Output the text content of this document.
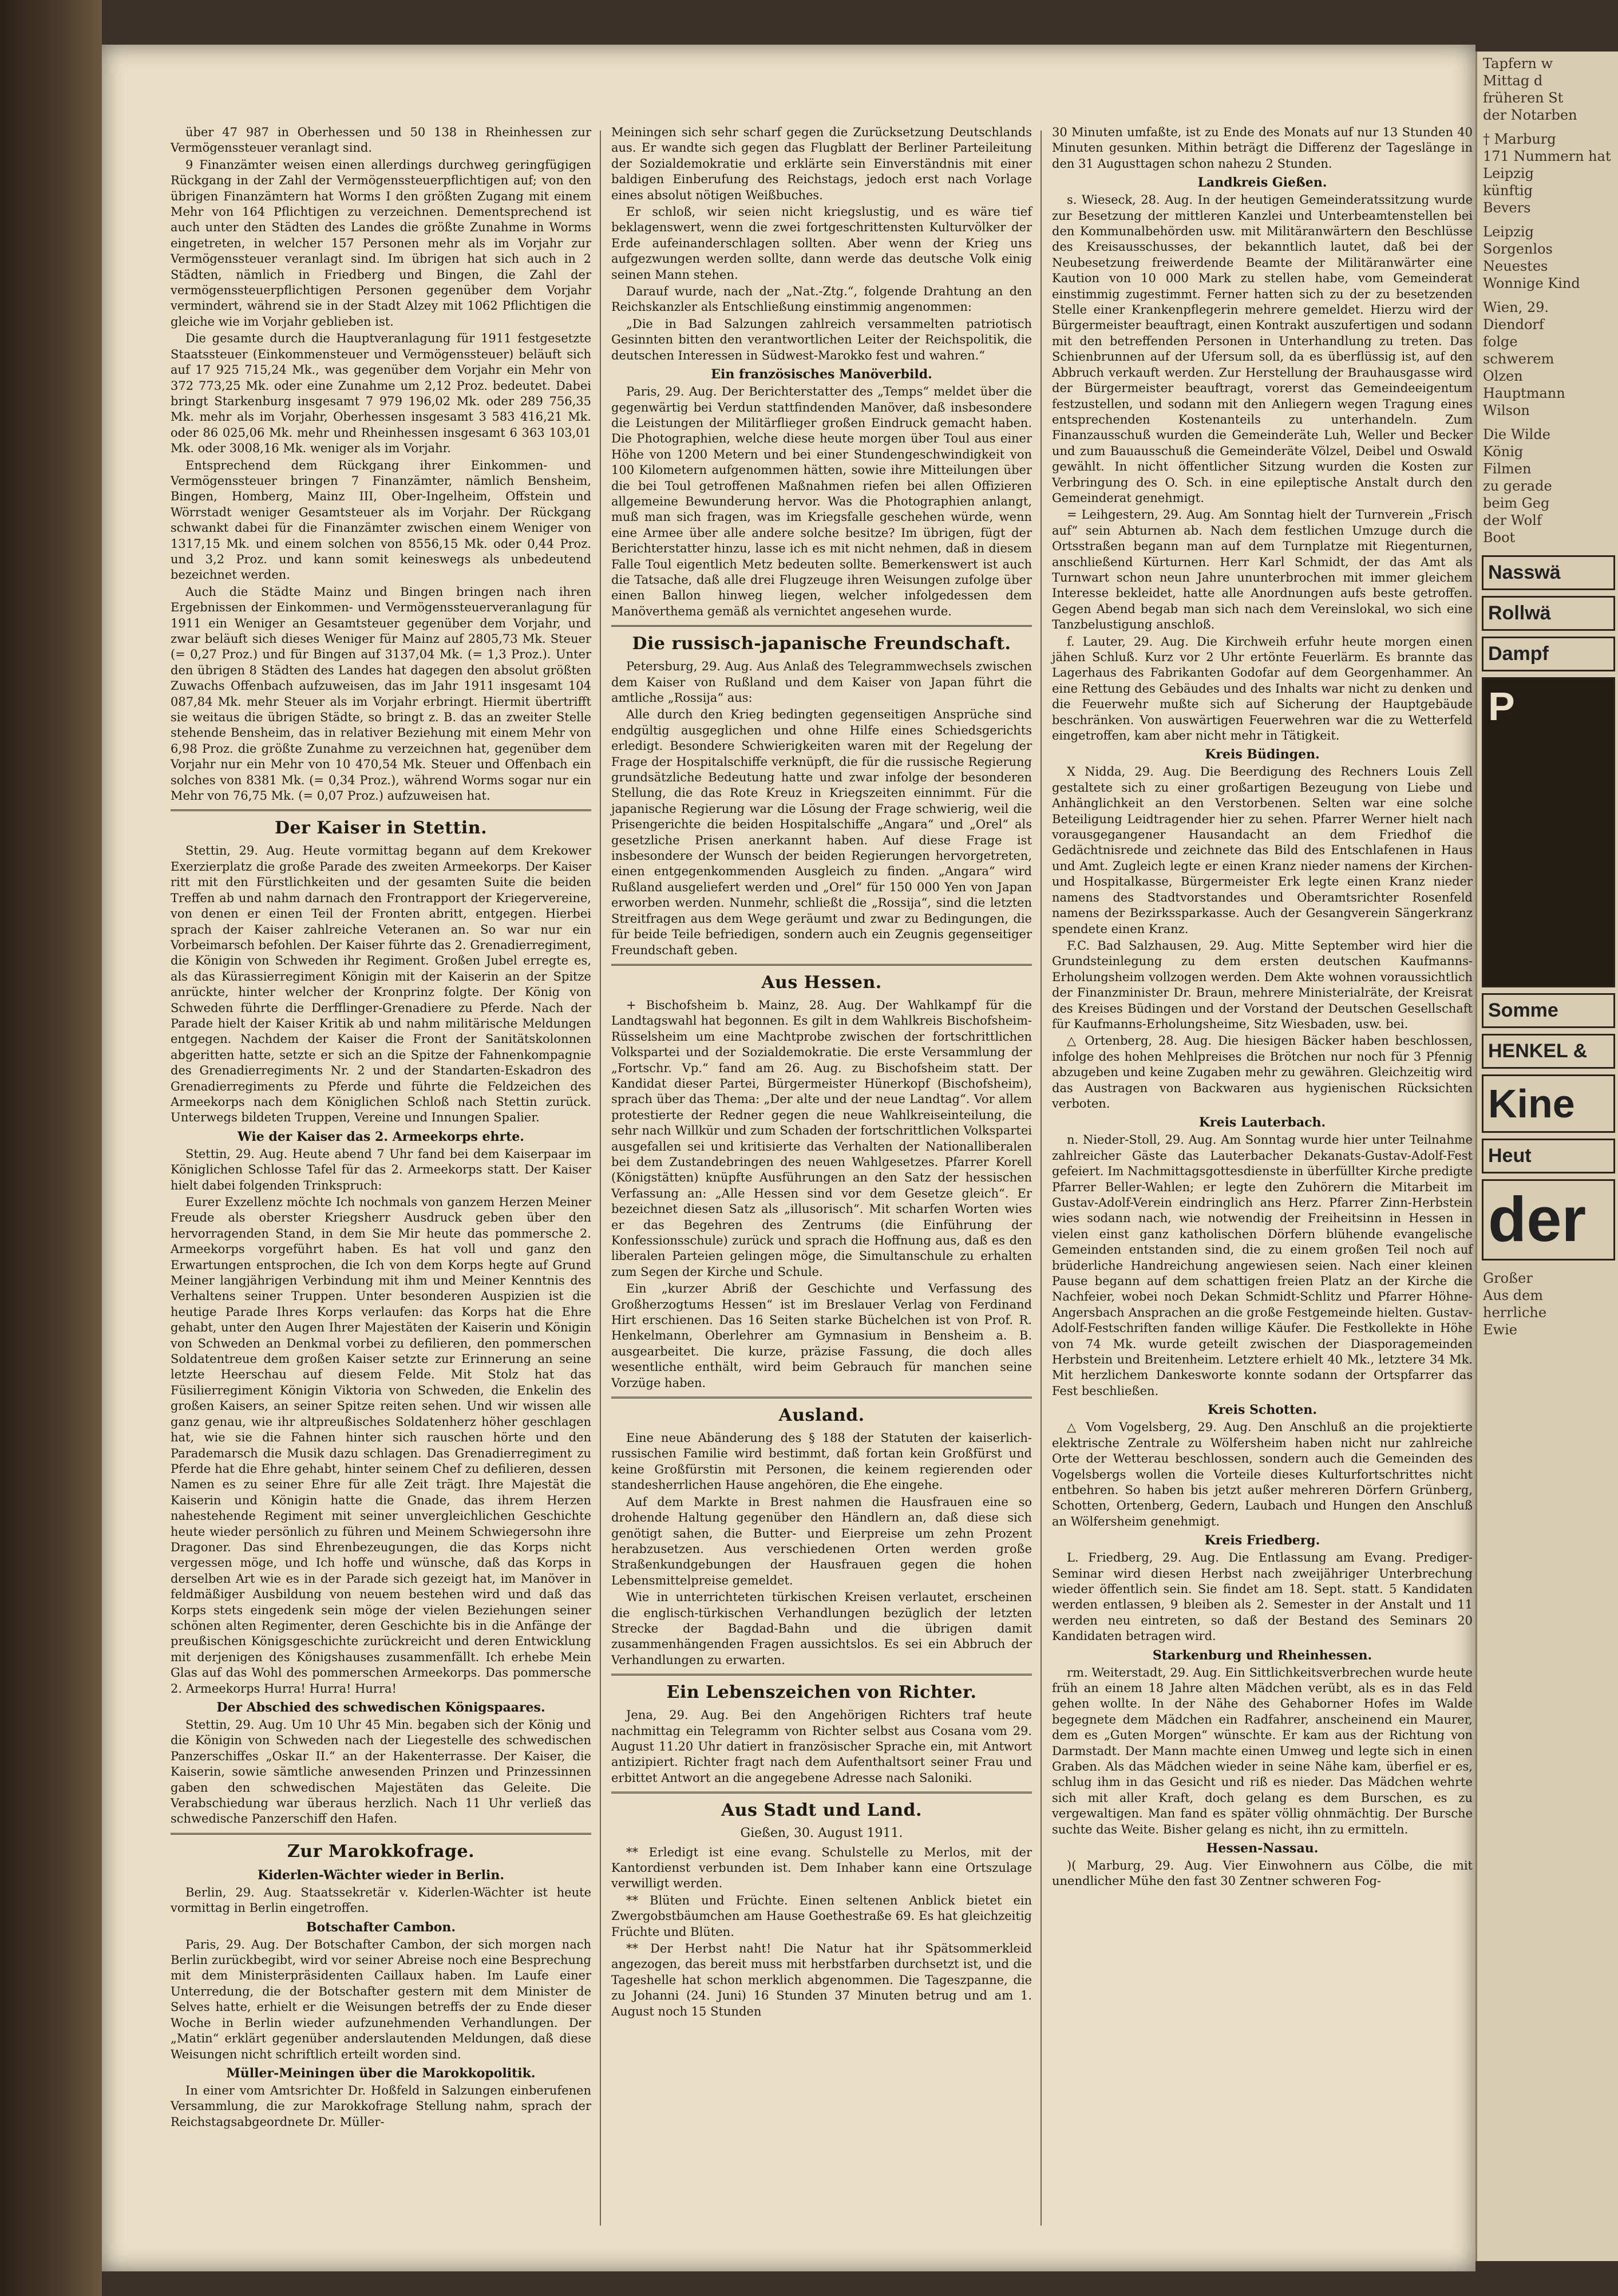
über 47 987 in Oberhessen und 50 138 in Rheinhessen zur Vermögenssteuer veranlagt sind.

9 Finanzämter weisen einen allerdings durchweg geringfügigen Rückgang in der Zahl der Vermögenssteuerpflichtigen auf; von den übrigen Finanzämtern hat Worms I den größten Zugang mit einem Mehr von 164 Pflichtigen zu verzeichnen. Dementsprechend ist auch unter den Städten des Landes die größte Zunahme in Worms eingetreten, in welcher 157 Personen mehr als im Vorjahr zur Vermögenssteuer veranlagt sind. Im übrigen hat sich auch in 2 Städten, nämlich in Friedberg und Bingen, die Zahl der vermögenssteuerpflichtigen Personen gegenüber dem Vorjahr vermindert, während sie in der Stadt Alzey mit 1062 Pflichtigen die gleiche wie im Vorjahr geblieben ist.

Die gesamte durch die Hauptveranlagung für 1911 festgesetzte Staatssteuer (Einkommensteuer und Vermögenssteuer) beläuft sich auf 17 925 715,24 Mk., was gegenüber dem Vorjahr ein Mehr von 372 773,25 Mk. oder eine Zunahme um 2,12 Proz. bedeutet. Dabei bringt Starkenburg insgesamt 7 979 196,02 Mk. oder 289 756,35 Mk. mehr als im Vorjahr, Oberhessen insgesamt 3 583 416,21 Mk. oder 86 025,06 Mk. mehr und Rheinhessen insgesamt 6 363 103,01 Mk. oder 3008,16 Mk. weniger als im Vorjahr.

Entsprechend dem Rückgang ihrer Einkommen- und Vermögenssteuer bringen 7 Finanzämter, nämlich Bensheim, Bingen, Homberg, Mainz III, Ober-Ingelheim, Offstein und Wörrstadt weniger Gesamtsteuer als im Vorjahr. Der Rückgang schwankt dabei für die Finanzämter zwischen einem Weniger von 1317,15 Mk. und einem solchen von 8556,15 Mk. oder 0,44 Proz. und 3,2 Proz. und kann somit keineswegs als unbedeutend bezeichnet werden.

Auch die Städte Mainz und Bingen bringen nach ihren Ergebnissen der Einkommen- und Vermögenssteuerveranlagung für 1911 ein Weniger an Gesamtsteuer gegenüber dem Vorjahr, und zwar beläuft sich dieses Weniger für Mainz auf 2805,73 Mk. Steuer (= 0,27 Proz.) und für Bingen auf 3137,04 Mk. (= 1,3 Proz.). Unter den übrigen 8 Städten des Landes hat dagegen den absolut größten Zuwachs Offenbach aufzuweisen, das im Jahr 1911 insgesamt 104 087,84 Mk. mehr Steuer als im Vorjahr erbringt. Hiermit übertrifft sie weitaus die übrigen Städte, so bringt z. B. das an zweiter Stelle stehende Bensheim, das in relativer Beziehung mit einem Mehr von 6,98 Proz. die größte Zunahme zu verzeichnen hat, gegenüber dem Vorjahr nur ein Mehr von 10 470,54 Mk. Steuer und Offenbach ein solches von 8381 Mk. (= 0,34 Proz.), während Worms sogar nur ein Mehr von 76,75 Mk. (= 0,07 Proz.) aufzuweisen hat.

Der Kaiser in Stettin.

Stettin, 29. Aug. Heute vormittag begann auf dem Krekower Exerzierplatz die große Parade des zweiten Armeekorps. Der Kaiser ritt mit den Fürstlichkeiten und der gesamten Suite die beiden Treffen ab und nahm darnach den Frontrapport der Kriegervereine, von denen er einen Teil der Fronten abritt, entgegen. Hierbei sprach der Kaiser zahlreiche Veteranen an. So war nur ein Vorbeimarsch befohlen. Der Kaiser führte das 2. Grenadierregiment, die Königin von Schweden ihr Regiment. Großen Jubel erregte es, als das Kürassierregiment Königin mit der Kaiserin an der Spitze anrückte, hinter welcher der Kronprinz folgte. Der König von Schweden führte die Derfflinger-Grenadiere zu Pferde. Nach der Parade hielt der Kaiser Kritik ab und nahm militärische Meldungen entgegen. Nachdem der Kaiser die Front der Sanitätskolonnen abgeritten hatte, setzte er sich an die Spitze der Fahnenkompagnie des Grenadierregiments Nr. 2 und der Standarten-Eskadron des Grenadierregiments zu Pferde und führte die Feldzeichen des Armeekorps nach dem Königlichen Schloß nach Stettin zurück. Unterwegs bildeten Truppen, Vereine und Innungen Spalier.

Wie der Kaiser das 2. Armeekorps ehrte.

Stettin, 29. Aug. Heute abend 7 Uhr fand bei dem Kaiserpaar im Königlichen Schlosse Tafel für das 2. Armeekorps statt. Der Kaiser hielt dabei folgenden Trinkspruch:

Eurer Exzellenz möchte Ich nochmals von ganzem Herzen Meiner Freude als oberster Kriegsherr Ausdruck geben über den hervorragenden Stand, in dem Sie Mir heute das pommersche 2. Armeekorps vorgeführt haben. Es hat voll und ganz den Erwartungen entsprochen, die Ich von dem Korps hegte auf Grund Meiner langjährigen Verbindung mit ihm und Meiner Kenntnis des Verhaltens seiner Truppen. Unter besonderen Auspizien ist die heutige Parade Ihres Korps verlaufen: das Korps hat die Ehre gehabt, unter den Augen Ihrer Majestäten der Kaiserin und Königin von Schweden an Denkmal vorbei zu defilieren, den pommerschen Soldatentreue dem großen Kaiser setzte zur Erinnerung an seine letzte Heerschau auf diesem Felde. Mit Stolz hat das Füsilierregiment Königin Viktoria von Schweden, die Enkelin des großen Kaisers, an seiner Spitze reiten sehen. Und wir wissen alle ganz genau, wie ihr altpreußisches Soldatenherz höher geschlagen hat, wie sie die Fahnen hinter sich rauschen hörte und den Parademarsch die Musik dazu schlagen. Das Grenadierregiment zu Pferde hat die Ehre gehabt, hinter seinem Chef zu defilieren, dessen Namen es zu seiner Ehre für alle Zeit trägt. Ihre Majestät die Kaiserin und Königin hatte die Gnade, das ihrem Herzen nahestehende Regiment mit seiner unvergleichlichen Geschichte heute wieder persönlich zu führen und Meinem Schwiegersohn ihre Dragoner. Das sind Ehrenbezeugungen, die das Korps nicht vergessen möge, und Ich hoffe und wünsche, daß das Korps in derselben Art wie es in der Parade sich gezeigt hat, im Manöver in feldmäßiger Ausbildung von neuem bestehen wird und daß das Korps stets eingedenk sein möge der vielen Beziehungen seiner schönen alten Regimenter, deren Geschichte bis in die Anfänge der preußischen Königsgeschichte zurückreicht und deren Entwicklung mit derjenigen des Königshauses zusammenfällt. Ich erhebe Mein Glas auf das Wohl des pommerschen Armeekorps. Das pommersche 2. Armeekorps Hurra! Hurra! Hurra!

Der Abschied des schwedischen Königspaares.

Stettin, 29. Aug. Um 10 Uhr 45 Min. begaben sich der König und die Königin von Schweden nach der Liegestelle des schwedischen Panzerschiffes „Oskar II.“ an der Hakenterrasse. Der Kaiser, die Kaiserin, sowie sämtliche anwesenden Prinzen und Prinzessinnen gaben den schwedischen Majestäten das Geleite. Die Verabschiedung war überaus herzlich. Nach 11 Uhr verließ das schwedische Panzerschiff den Hafen.

Zur Marokkofrage.
Kiderlen-Wächter wieder in Berlin.

Berlin, 29. Aug. Staatssekretär v. Kiderlen-Wächter ist heute vormittag in Berlin eingetroffen.

Botschafter Cambon.

Paris, 29. Aug. Der Botschafter Cambon, der sich morgen nach Berlin zurückbegibt, wird vor seiner Abreise noch eine Besprechung mit dem Ministerpräsidenten Caillaux haben. Im Laufe einer Unterredung, die der Botschafter gestern mit dem Minister de Selves hatte, erhielt er die Weisungen betreffs der zu Ende dieser Woche in Berlin wieder aufzunehmenden Verhandlungen. Der „Matin“ erklärt gegenüber anderslautenden Meldungen, daß diese Weisungen nicht schriftlich erteilt worden sind.

Müller-Meiningen über die Marokkopolitik.

In einer vom Amtsrichter Dr. Hoßfeld in Salzungen einberufenen Versammlung, die zur Marokkofrage Stellung nahm, sprach der Reichstagsabgeordnete Dr. Müller-

Meiningen sich sehr scharf gegen die Zurücksetzung Deutschlands aus. Er wandte sich gegen das Flugblatt der Berliner Parteileitung der Sozialdemokratie und erklärte sein Einverständnis mit einer baldigen Einberufung des Reichstags, jedoch erst nach Vorlage eines absolut nötigen Weißbuches.

Er schloß, wir seien nicht kriegslustig, und es wäre tief beklagenswert, wenn die zwei fortgeschrittensten Kulturvölker der Erde aufeinanderschlagen sollten. Aber wenn der Krieg uns aufgezwungen werden sollte, dann werde das deutsche Volk einig seinen Mann stehen.

Darauf wurde, nach der „Nat.-Ztg.“, folgende Drahtung an den Reichskanzler als Entschließung einstimmig angenommen:

„Die in Bad Salzungen zahlreich versammelten patriotisch Gesinnten bitten den verantwortlichen Leiter der Reichspolitik, die deutschen Interessen in Südwest-Marokko fest und wahren.“

Ein französisches Manöverbild.

Paris, 29. Aug. Der Berichterstatter des „Temps“ meldet über die gegenwärtig bei Verdun stattfindenden Manöver, daß insbesondere die Leistungen der Militärflieger großen Eindruck gemacht haben. Die Photographien, welche diese heute morgen über Toul aus einer Höhe von 1200 Metern und bei einer Stundengeschwindigkeit von 100 Kilometern aufgenommen hätten, sowie ihre Mitteilungen über die bei Toul getroffenen Maßnahmen riefen bei allen Offizieren allgemeine Bewunderung hervor. Was die Photographien anlangt, muß man sich fragen, was im Kriegsfalle geschehen würde, wenn eine Armee über alle andere solche besitze? Im übrigen, fügt der Berichterstatter hinzu, lasse ich es mit nicht nehmen, daß in diesem Falle Toul eigentlich Metz bedeuten sollte. Bemerkenswert ist auch die Tatsache, daß alle drei Flugzeuge ihren Weisungen zufolge über einen Ballon hinweg liegen, welcher infolgedessen dem Manöverthema gemäß als vernichtet angesehen wurde.

Die russisch-japanische Freundschaft.

Petersburg, 29. Aug. Aus Anlaß des Telegrammwechsels zwischen dem Kaiser von Rußland und dem Kaiser von Japan führt die amtliche „Rossija“ aus:

Alle durch den Krieg bedingten gegenseitigen Ansprüche sind endgültig ausgeglichen und ohne Hilfe eines Schiedsgerichts erledigt. Besondere Schwierigkeiten waren mit der Regelung der Frage der Hospitalschiffe verknüpft, die für die russische Regierung grundsätzliche Bedeutung hatte und zwar infolge der besonderen Stellung, die das Rote Kreuz in Kriegszeiten einnimmt. Für die japanische Regierung war die Lösung der Frage schwierig, weil die Prisengerichte die beiden Hospitalschiffe „Angara“ und „Orel“ als gesetzliche Prisen anerkannt haben. Auf diese Frage ist insbesondere der Wunsch der beiden Regierungen hervorgetreten, einen entgegenkommenden Ausgleich zu finden. „Angara“ wird Rußland ausgeliefert werden und „Orel“ für 150 000 Yen von Japan erworben werden. Nunmehr, schließt die „Rossija“, sind die letzten Streitfragen aus dem Wege geräumt und zwar zu Bedingungen, die für beide Teile befriedigen, sondern auch ein Zeugnis gegenseitiger Freundschaft geben.

Aus Hessen.

+ Bischofsheim b. Mainz, 28. Aug. Der Wahlkampf für die Landtagswahl hat begonnen. Es gilt in dem Wahlkreis Bischofsheim-Rüsselsheim um eine Machtprobe zwischen der fortschrittlichen Volkspartei und der Sozialdemokratie. Die erste Versammlung der „Fortschr. Vp.“ fand am 26. Aug. zu Bischofsheim statt. Der Kandidat dieser Partei, Bürgermeister Hünerkopf (Bischofsheim), sprach über das Thema: „Der alte und der neue Landtag“. Vor allem protestierte der Redner gegen die neue Wahlkreiseinteilung, die sehr nach Willkür und zum Schaden der fortschrittlichen Volkspartei ausgefallen sei und kritisierte das Verhalten der Nationalliberalen bei dem Zustandebringen des neuen Wahlgesetzes. Pfarrer Korell (Königstätten) knüpfte Ausführungen an den Satz der hessischen Verfassung an: „Alle Hessen sind vor dem Gesetze gleich“. Er bezeichnet diesen Satz als „illusorisch“. Mit scharfen Worten wies er das Begehren des Zentrums (die Einführung der Konfessionsschule) zurück und sprach die Hoffnung aus, daß es den liberalen Parteien gelingen möge, die Simultanschule zu erhalten zum Segen der Kirche und Schule.

Ein „kurzer Abriß der Geschichte und Verfassung des Großherzogtums Hessen“ ist im Breslauer Verlag von Ferdinand Hirt erschienen. Das 16 Seiten starke Büchelchen ist von Prof. R. Henkelmann, Oberlehrer am Gymnasium in Bensheim a. B. ausgearbeitet. Die kurze, präzise Fassung, die doch alles wesentliche enthält, wird beim Gebrauch für manchen seine Vorzüge haben.

Ausland.

Eine neue Abänderung des § 188 der Statuten der kaiserlich-russischen Familie wird bestimmt, daß fortan kein Großfürst und keine Großfürstin mit Personen, die keinem regierenden oder standesherrlichen Hause angehören, die Ehe eingehe.

Auf dem Markte in Brest nahmen die Hausfrauen eine so drohende Haltung gegenüber den Händlern an, daß diese sich genötigt sahen, die Butter- und Eierpreise um zehn Prozent herabzusetzen. Aus verschiedenen Orten werden große Straßenkundgebungen der Hausfrauen gegen die hohen Lebensmittelpreise gemeldet.

Wie in unterrichteten türkischen Kreisen verlautet, erscheinen die englisch-türkischen Verhandlungen bezüglich der letzten Strecke der Bagdad-Bahn und die übrigen damit zusammenhängenden Fragen aussichtslos. Es sei ein Abbruch der Verhandlungen zu erwarten.

Ein Lebenszeichen von Richter.

Jena, 29. Aug. Bei den Angehörigen Richters traf heute nachmittag ein Telegramm von Richter selbst aus Cosana vom 29. August 11.20 Uhr datiert in französischer Sprache ein, mit Antwort antizipiert. Richter fragt nach dem Aufenthaltsort seiner Frau und erbittet Antwort an die angegebene Adresse nach Saloniki.

Aus Stadt und Land.
Gießen, 30. August 1911.

** Erledigt ist eine evang. Schulstelle zu Merlos, mit der Kantordienst verbunden ist. Dem Inhaber kann eine Ortszulage verwilligt werden.

** Blüten und Früchte. Einen seltenen Anblick bietet ein Zwergobstbäumchen am Hause Goethestraße 69. Es hat gleichzeitig Früchte und Blüten.

** Der Herbst naht! Die Natur hat ihr Spätsommerkleid angezogen, das bereit muss mit herbstfarben durchsetzt ist, und die Tageshelle hat schon merklich abgenommen. Die Tageszpanne, die zu Johanni (24. Juni) 16 Stunden 37 Minuten betrug und am 1. August noch 15 Stunden

30 Minuten umfaßte, ist zu Ende des Monats auf nur 13 Stunden 40 Minuten gesunken. Mithin beträgt die Differenz der Tageslänge in den 31 Augusttagen schon nahezu 2 Stunden.

Landkreis Gießen.

s. Wieseck, 28. Aug. In der heutigen Gemeinderatssitzung wurde zur Besetzung der mittleren Kanzlei und Unterbeamtenstellen bei den Kommunalbehörden usw. mit Militäranwärtern den Beschlüsse des Kreisausschusses, der bekanntlich lautet, daß bei der Neubesetzung freiwerdende Beamte der Militäranwärter eine Kaution von 10 000 Mark zu stellen habe, vom Gemeinderat einstimmig zugestimmt. Ferner hatten sich zu der zu besetzenden Stelle einer Krankenpflegerin mehrere gemeldet. Hierzu wird der Bürgermeister beauftragt, einen Kontrakt auszufertigen und sodann mit den betreffenden Personen in Unterhandlung zu treten. Das Schienbrunnen auf der Ufersum soll, da es überflüssig ist, auf den Abbruch verkauft werden. Zur Herstellung der Brauhausgasse wird der Bürgermeister beauftragt, vorerst das Gemeindeeigentum festzustellen, und sodann mit den Anliegern wegen Tragung eines entsprechenden Kostenanteils zu unterhandeln. Zum Finanzausschuß wurden die Gemeinderäte Luh, Weller und Becker und zum Bauausschuß die Gemeinderäte Völzel, Deibel und Oswald gewählt. In nicht öffentlicher Sitzung wurden die Kosten zur Verbringung des O. Sch. in eine epileptische Anstalt durch den Gemeinderat genehmigt.

= Leihgestern, 29. Aug. Am Sonntag hielt der Turnverein „Frisch auf“ sein Abturnen ab. Nach dem festlichen Umzuge durch die Ortsstraßen begann man auf dem Turnplatze mit Riegenturnen, anschließend Kürturnen. Herr Karl Schmidt, der das Amt als Turnwart schon neun Jahre ununterbrochen mit immer gleichem Interesse bekleidet, hatte alle Anordnungen aufs beste getroffen. Gegen Abend begab man sich nach dem Vereinslokal, wo sich eine Tanzbelustigung anschloß.

f. Lauter, 29. Aug. Die Kirchweih erfuhr heute morgen einen jähen Schluß. Kurz vor 2 Uhr ertönte Feuerlärm. Es brannte das Lagerhaus des Fabrikanten Godofar auf dem Georgenhammer. An eine Rettung des Gebäudes und des Inhalts war nicht zu denken und die Feuerwehr mußte sich auf Sicherung der Hauptgebäude beschränken. Von auswärtigen Feuerwehren war die zu Wetterfeld eingetroffen, kam aber nicht mehr in Tätigkeit.

Kreis Büdingen.

X Nidda, 29. Aug. Die Beerdigung des Rechners Louis Zell gestaltete sich zu einer großartigen Bezeugung von Liebe und Anhänglichkeit an den Verstorbenen. Selten war eine solche Beteiligung Leidtragender hier zu sehen. Pfarrer Werner hielt nach vorausgegangener Hausandacht an dem Friedhof die Gedächtnisrede und zeichnete das Bild des Entschlafenen in Haus und Amt. Zugleich legte er einen Kranz nieder namens der Kirchen- und Hospitalkasse, Bürgermeister Erk legte einen Kranz nieder namens des Stadtvorstandes und Oberamtsrichter Rosenfeld namens der Bezirkssparkasse. Auch der Gesangverein Sängerkranz spendete einen Kranz.

F.C. Bad Salzhausen, 29. Aug. Mitte September wird hier die Grundsteinlegung zu dem ersten deutschen Kaufmanns-Erholungsheim vollzogen werden. Dem Akte wohnen voraussichtlich der Finanzminister Dr. Braun, mehrere Ministerialräte, der Kreisrat des Kreises Büdingen und der Vorstand der Deutschen Gesellschaft für Kaufmanns-Erholungsheime, Sitz Wiesbaden, usw. bei.

△ Ortenberg, 28. Aug. Die hiesigen Bäcker haben beschlossen, infolge des hohen Mehlpreises die Brötchen nur noch für 3 Pfennig abzugeben und keine Zugaben mehr zu gewähren. Gleichzeitig wird das Austragen von Backwaren aus hygienischen Rücksichten verboten.

Kreis Lauterbach.

n. Nieder-Stoll, 29. Aug. Am Sonntag wurde hier unter Teilnahme zahlreicher Gäste das Lauterbacher Dekanats-Gustav-Adolf-Fest gefeiert. Im Nachmittagsgottesdienste in überfüllter Kirche predigte Pfarrer Beller-Wahlen; er legte den Zuhörern die Mitarbeit im Gustav-Adolf-Verein eindringlich ans Herz. Pfarrer Zinn-Herbstein wies sodann nach, wie notwendig der Freiheitsinn in Hessen in vielen einst ganz katholischen Dörfern blühende evangelische Gemeinden entstanden sind, die zu einem großen Teil noch auf brüderliche Handreichung angewiesen seien. Nach einer kleinen Pause begann auf dem schattigen freien Platz an der Kirche die Nachfeier, wobei noch Dekan Schmidt-Schlitz und Pfarrer Höhne-Angersbach Ansprachen an die große Festgemeinde hielten. Gustav-Adolf-Festschriften fanden willige Käufer. Die Festkollekte in Höhe von 74 Mk. wurde geteilt zwischen der Diasporagemeinden Herbstein und Breitenheim. Letztere erhielt 40 Mk., letztere 34 Mk. Mit herzlichem Dankesworte konnte sodann der Ortspfarrer das Fest beschließen.

Kreis Schotten.

△ Vom Vogelsberg, 29. Aug. Den Anschluß an die projektierte elektrische Zentrale zu Wölfersheim haben nicht nur zahlreiche Orte der Wetterau beschlossen, sondern auch die Gemeinden des Vogelsbergs wollen die Vorteile dieses Kulturfortschrittes nicht entbehren. So haben bis jetzt außer mehreren Dörfern Grünberg, Schotten, Ortenberg, Gedern, Laubach und Hungen den Anschluß an Wölfersheim genehmigt.

Kreis Friedberg.

L. Friedberg, 29. Aug. Die Entlassung am Evang. Prediger-Seminar wird diesen Herbst nach zweijähriger Unterbrechung wieder öffentlich sein. Sie findet am 18. Sept. statt. 5 Kandidaten werden entlassen, 9 bleiben als 2. Semester in der Anstalt und 11 werden neu eintreten, so daß der Bestand des Seminars 20 Kandidaten betragen wird.

Starkenburg und Rheinhessen.

rm. Weiterstadt, 29. Aug. Ein Sittlichkeitsverbrechen wurde heute früh an einem 18 Jahre alten Mädchen verübt, als es in das Feld gehen wollte. In der Nähe des Gehaborner Hofes im Walde begegnete dem Mädchen ein Radfahrer, anscheinend ein Maurer, dem es „Guten Morgen“ wünschte. Er kam aus der Richtung von Darmstadt. Der Mann machte einen Umweg und legte sich in einen Graben. Als das Mädchen wieder in seine Nähe kam, überfiel er es, schlug ihm in das Gesicht und riß es nieder. Das Mädchen wehrte sich mit aller Kraft, doch gelang es dem Burschen, es zu vergewaltigen. Man fand es später völlig ohnmächtig. Der Bursche suchte das Weite. Bisher gelang es nicht, ihn zu ermitteln.

Hessen-Nassau.

)( Marburg, 29. Aug. Vier Einwohnern aus Cölbe, die mit unendlicher Mühe den fast 30 Zentner schweren Fog-

Tapfern w
Mittag d
früheren St
der Notarben
† Marburg
171 Nummern hat
Leipzig
künftig
Bevers
Leipzig
Sorgenlos
Neuestes
Wonnige Kind
Wien, 29.
Diendorf
folge
schwerem
Olzen
Hauptmann
Wilson
Die Wilde
König
Filmen
zu gerade
beim Geg
der Wolf
Boot
Nasswä
Rollwä
Dampf
P
Somme
HENKEL &
Kine
Heut
der
Großer
Aus dem
herrliche
Ewie
